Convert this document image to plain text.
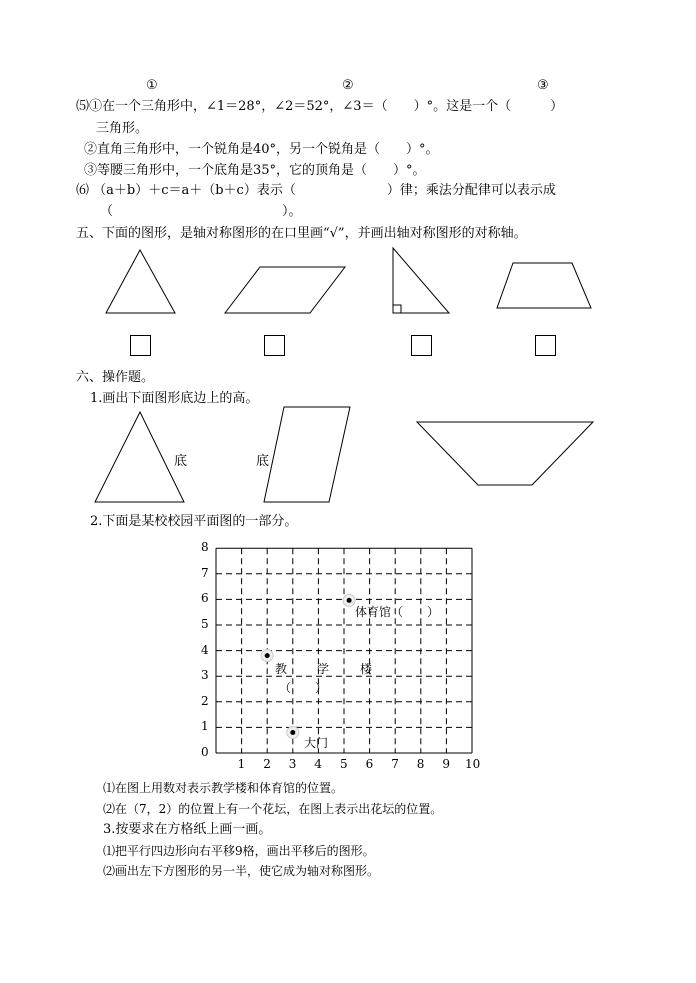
①	②	③
⑸①在一个三角形中，∠1＝28°，∠2＝52°，∠3＝（　　）°。这是一个（　　　）
三角形。
②直角三角形中，一个锐角是40°，另一个锐角是（　　）°。
③等腰三角形中，一个底角是35°，它的顶角是（　　）°。
⑹ （a＋b）＋c＝a＋（b＋c）表示（　　　　　　　）律；乘法分配律可以表示成
（　　　　　　　　　　　　　）。
五、下面的图形，是轴对称图形的在口里画“√”，并画出轴对称图形的对称轴。
六、操作题。
1.画出下面图形底边上的高。
底	底
2.下面是某校校园平面图的一部分。
1 2 3 4 5 6 7 8 9 10
0
1
2
3
4
5
6
7
8
体育馆（　　）
教 学	楼
（　　）
大门
⑴在图上用数对表示教学楼和体育馆的位置。
⑵在（7，2）的位置上有一个花坛，在图上表示出花坛的位置。
3.按要求在方格纸上画一画。
⑴把平行四边形向右平移9格，画出平移后的图形。
⑵画出左下方图形的另一半，使它成为轴对称图形。
